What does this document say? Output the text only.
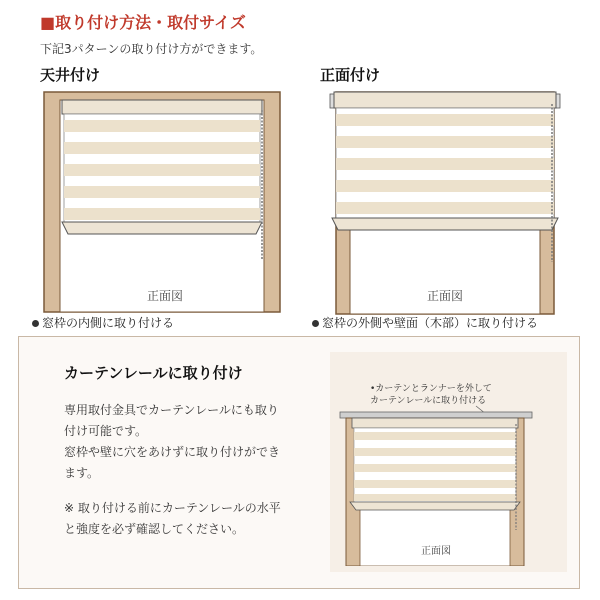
■取り付け方法・取付サイズ
下記3パターンの取り付け方ができます。
天井付け
正面図
窓枠の内側に取り付ける
正面付け
正面図
窓枠の外側や壁面（木部）に取り付ける
カーテンレールに取り付け
専用取付金具でカーテンレールにも取り
付け可能です。
窓枠や壁に穴をあけずに取り付けができ
ます。
※ 取り付ける前にカーテンレールの水平
と強度を必ず確認してください。
•カーテンとランナーを外して
カーテンレールに取り付ける
正面図
